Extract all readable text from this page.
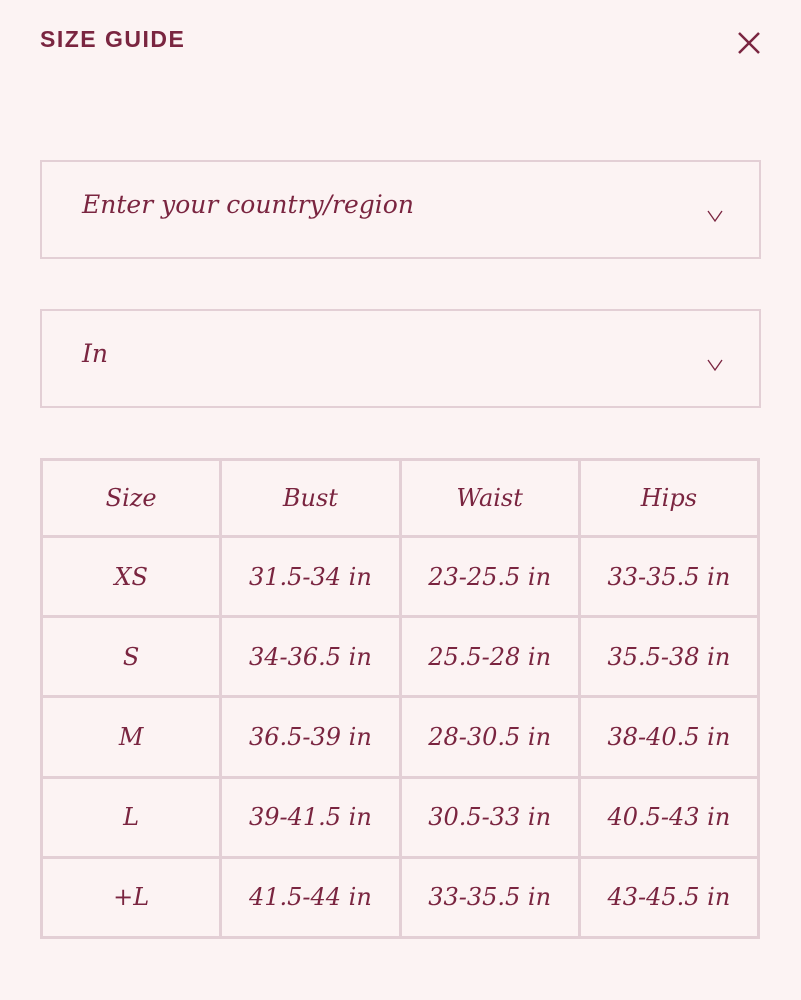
SIZE GUIDE
Enter your country/region
In
Size	Bust	Waist	Hips
XS	31.5-34 in	23-25.5 in	33-35.5 in
S	34-36.5 in	25.5-28 in	35.5-38 in
M	36.5-39 in	28-30.5 in	38-40.5 in
L	39-41.5 in	30.5-33 in	40.5-43 in
+L	41.5-44 in	33-35.5 in	43-45.5 in
